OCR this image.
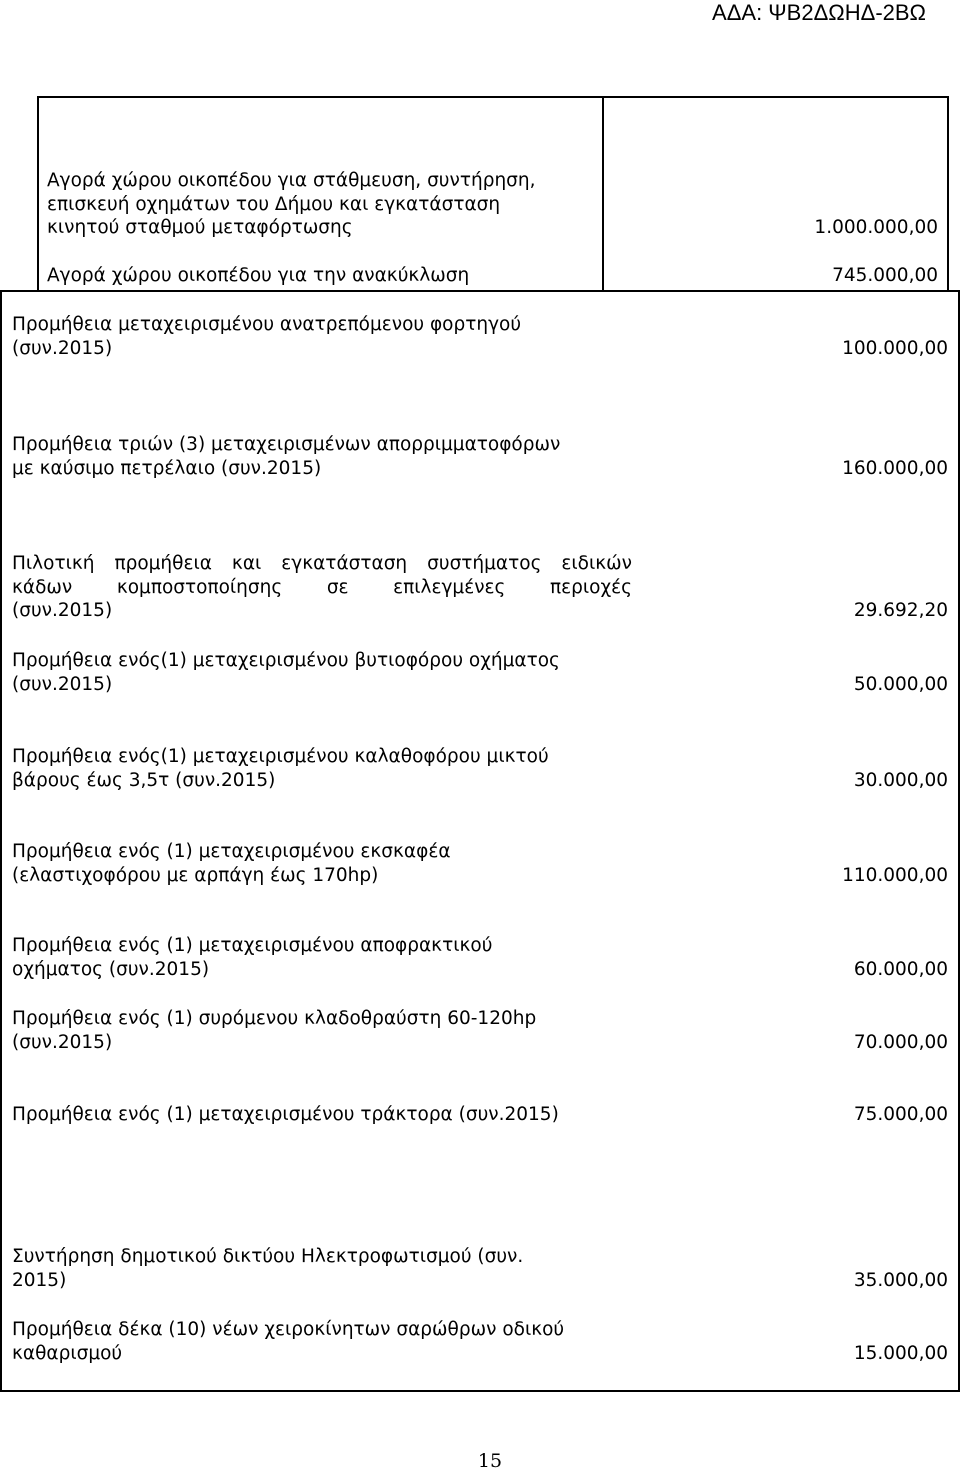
ΑΔΑ: ΨΒ2ΔΩΗΔ-2ΒΩ
Αγορά χώρου οικοπέδου για στάθμευση, συντήρηση,
επισκευή οχημάτων του Δήμου και εγκατάσταση
κινητού σταθμού μεταφόρτωσης	1.000.000,00
Αγορά χώρου οικοπέδου για την ανακύκλωση	745.000,00
Προμήθεια μεταχειρισμένου ανατρεπόμενου φορτηγού
(συν.2015)	100.000,00
Προμήθεια τριών (3) μεταχειρισμένων απορριμματοφόρων
με καύσιμο πετρέλαιο (συν.2015)	160.000,00
Πιλοτική προμήθεια και εγκατάσταση συστήματος ειδικών
κάδων κομποστοποίησης σε επιλεγμένες περιοχές
(συν.2015)	29.692,20
Προμήθεια ενός(1) μεταχειρισμένου βυτιοφόρου οχήματος
(συν.2015)	50.000,00
Προμήθεια ενός(1) μεταχειρισμένου καλαθοφόρου μικτού
βάρους έως 3,5τ (συν.2015)	30.000,00
Προμήθεια ενός (1) μεταχειρισμένου εκσκαφέα
(ελαστιχοφόρου με αρπάγη έως 170hp)	110.000,00
Προμήθεια ενός (1) μεταχειρισμένου αποφρακτικού
οχήματος (συν.2015)	60.000,00
Προμήθεια ενός (1) συρόμενου κλαδοθραύστη 60-120hp
(συν.2015)	70.000,00
Προμήθεια ενός (1) μεταχειρισμένου τράκτορα (συν.2015)	75.000,00
Συντήρηση δημοτικού δικτύου Ηλεκτροφωτισμού (συν.
2015)	35.000,00
Προμήθεια δέκα (10) νέων χειροκίνητων σαρώθρων οδικού
καθαρισμού	15.000,00
15
